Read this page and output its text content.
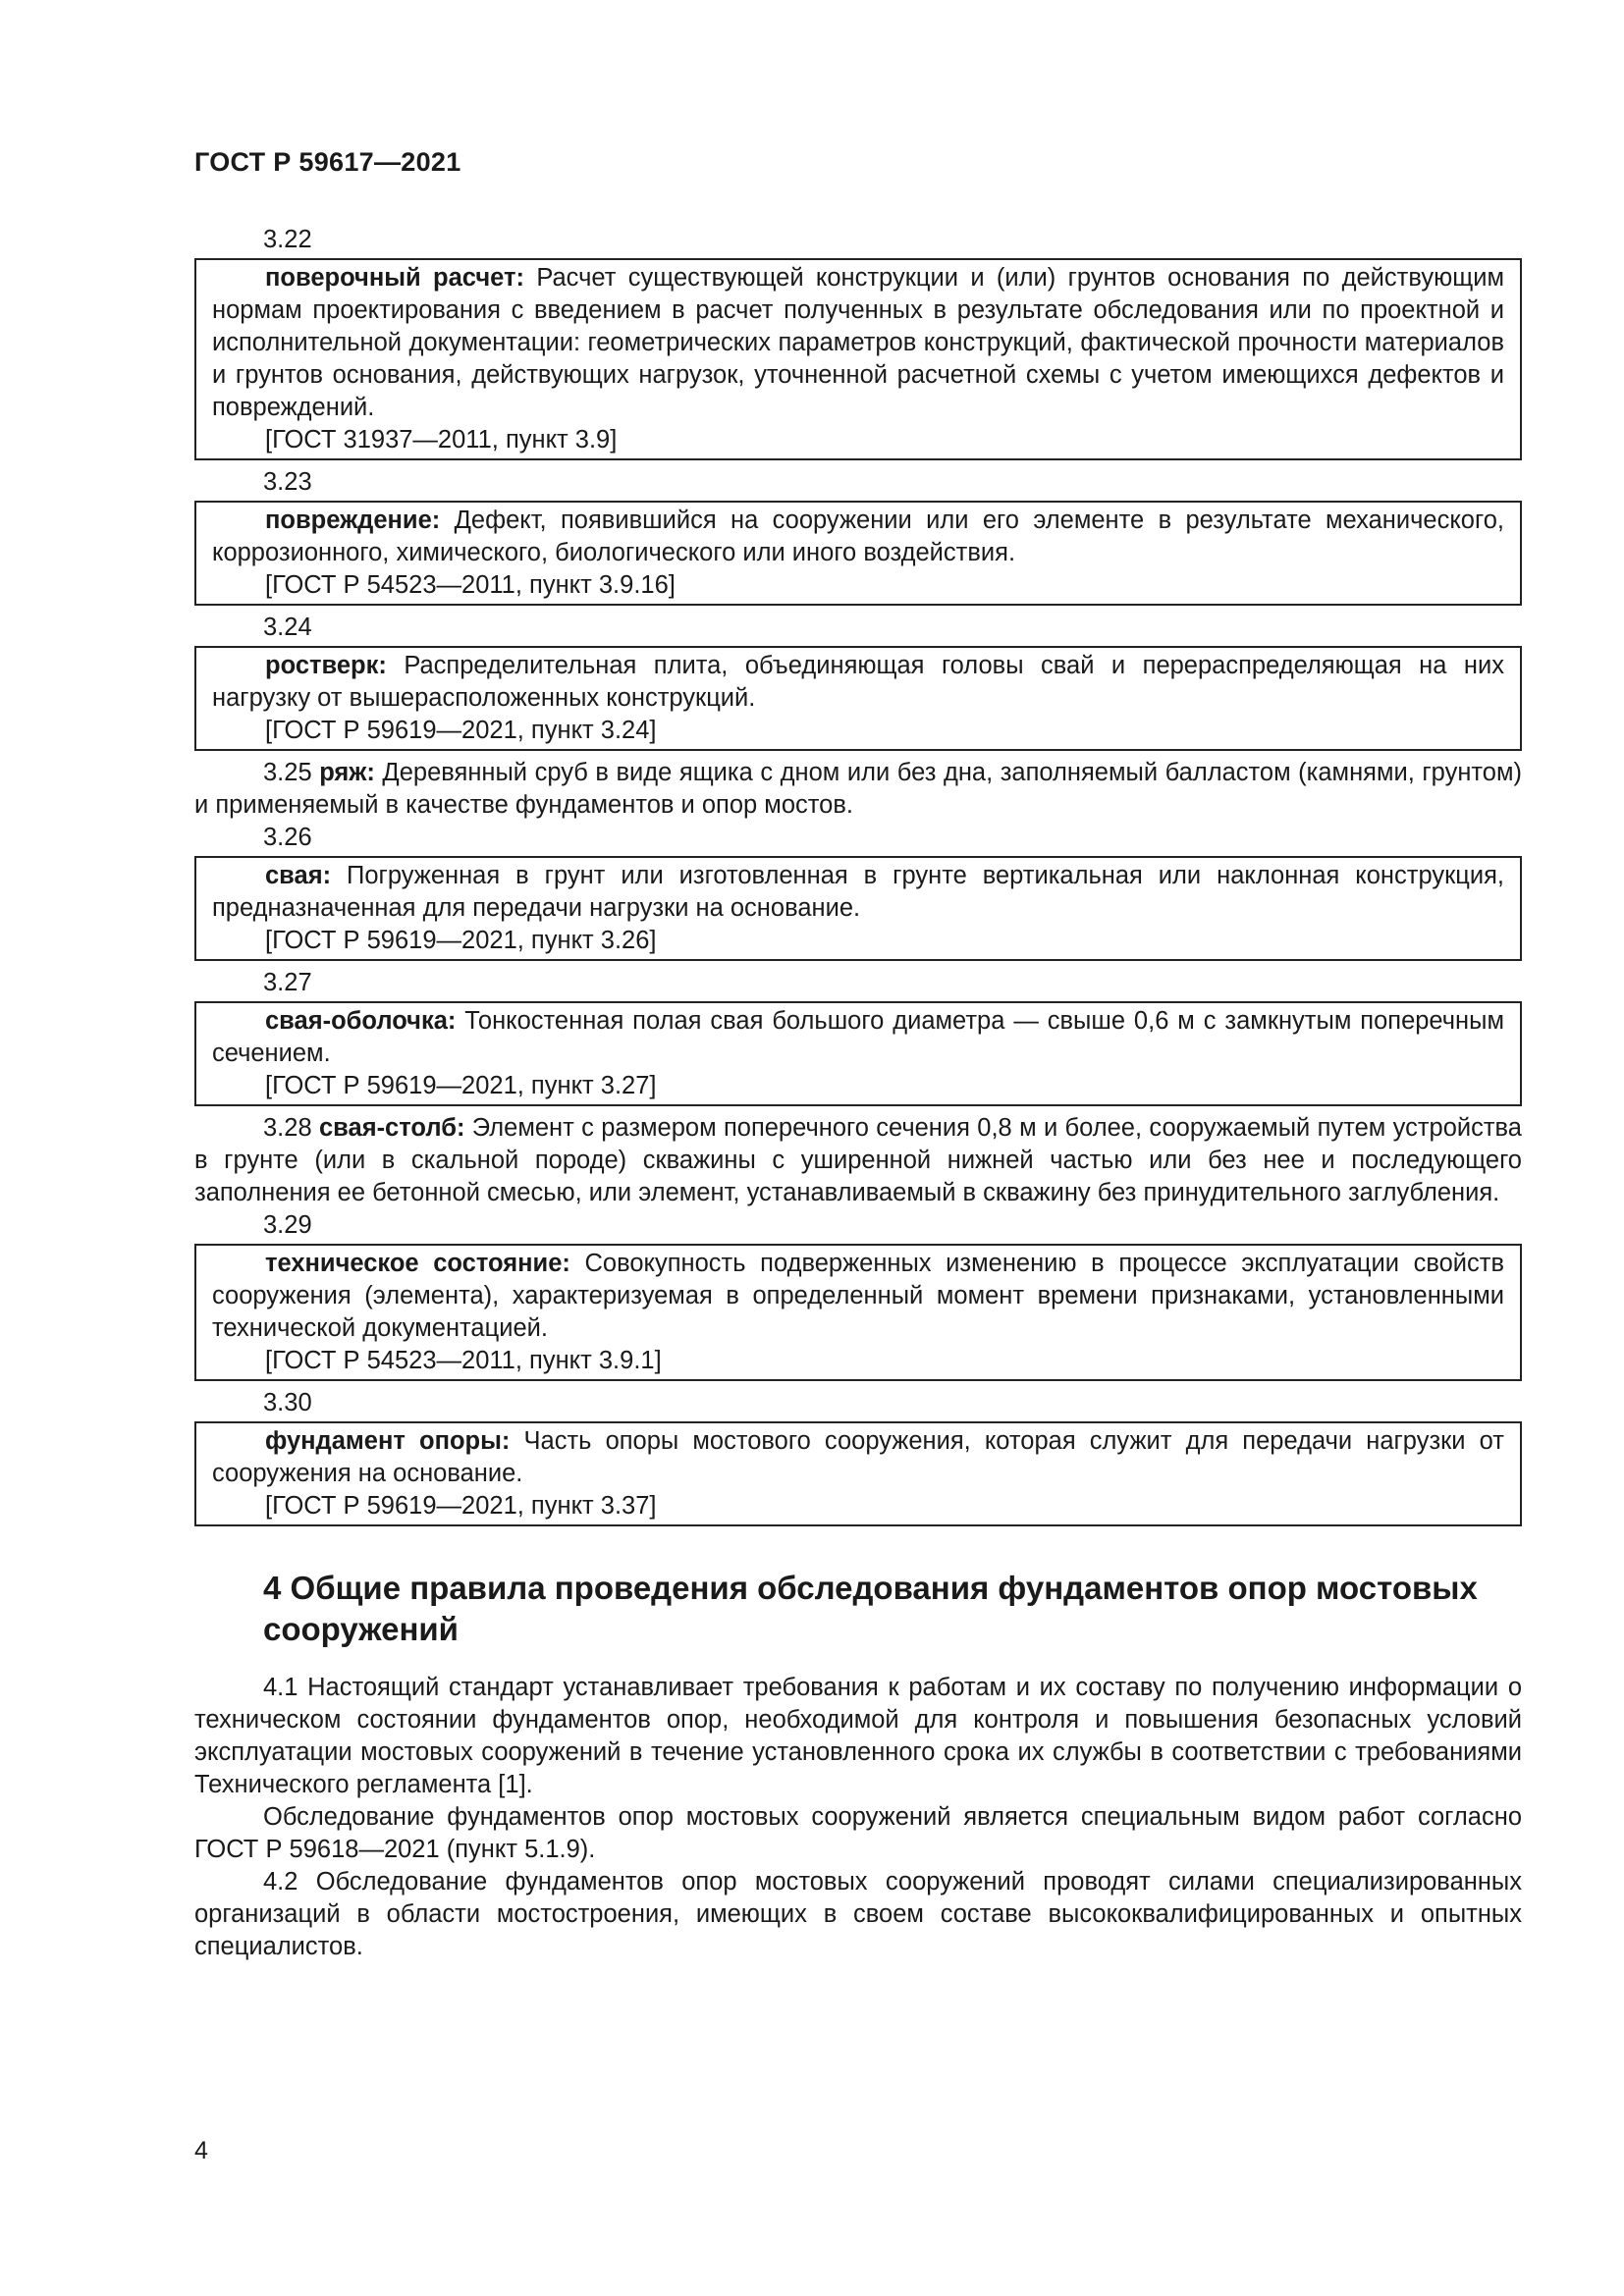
ГОСТ Р 59617—2021
3.22

поверочный расчет: Расчет существующей конструкции и (или) грунтов основания по действующим нормам проектирования с введением в расчет полученных в результате обследования или по проектной и исполнительной документации: геометрических параметров конструкций, фактической прочности материалов и грунтов основания, действующих нагрузок, уточненной расчетной схемы с учетом имеющихся дефектов и повреждений.

[ГОСТ 31937—2011, пункт 3.9]
3.23

повреждение: Дефект, появившийся на сооружении или его элементе в результате механического, коррозионного, химического, биологического или иного воздействия.

[ГОСТ Р 54523—2011, пункт 3.9.16]
3.24

ростверк: Распределительная плита, объединяющая головы свай и перераспределяющая на них нагрузку от вышерасположенных конструкций.

[ГОСТ Р 59619—2021, пункт 3.24]

3.25 ряж: Деревянный сруб в виде ящика с дном или без дна, заполняемый балластом (камнями, грунтом) и применяемый в качестве фундаментов и опор мостов.

3.26

свая: Погруженная в грунт или изготовленная в грунте вертикальная или наклонная конструкция, предназначенная для передачи нагрузки на основание.

[ГОСТ Р 59619—2021, пункт 3.26]
3.27

свая-оболочка: Тонкостенная полая свая большого диаметра — свыше 0,6 м с замкнутым поперечным сечением.

[ГОСТ Р 59619—2021, пункт 3.27]

3.28 свая-столб: Элемент с размером поперечного сечения 0,8 м и более, сооружаемый путем устройства в грунте (или в скальной породе) скважины с уширенной нижней частью или без нее и последующего заполнения ее бетонной смесью, или элемент, устанавливаемый в скважину без принудительного заглубления.

3.29

техническое состояние: Совокупность подверженных изменению в процессе эксплуатации свойств сооружения (элемента), характеризуемая в определенный момент времени признаками, установленными технической документацией.

[ГОСТ Р 54523—2011, пункт 3.9.1]
3.30

фундамент опоры: Часть опоры мостового сооружения, которая служит для передачи нагрузки от сооружения на основание.

[ГОСТ Р 59619—2021, пункт 3.37]
4 Общие правила проведения обследования фундаментов опор мостовых сооружений

4.1 Настоящий стандарт устанавливает требования к работам и их составу по получению информации о техническом состоянии фундаментов опор, необходимой для контроля и повышения безопасных условий эксплуатации мостовых сооружений в течение установленного срока их службы в соответствии с требованиями Технического регламента [1].

Обследование фундаментов опор мостовых сооружений является специальным видом работ согласно ГОСТ Р 59618—2021 (пункт 5.1.9).

4.2 Обследование фундаментов опор мостовых сооружений проводят силами специализированных организаций в области мостостроения, имеющих в своем составе высококвалифицированных и опытных специалистов.

4
